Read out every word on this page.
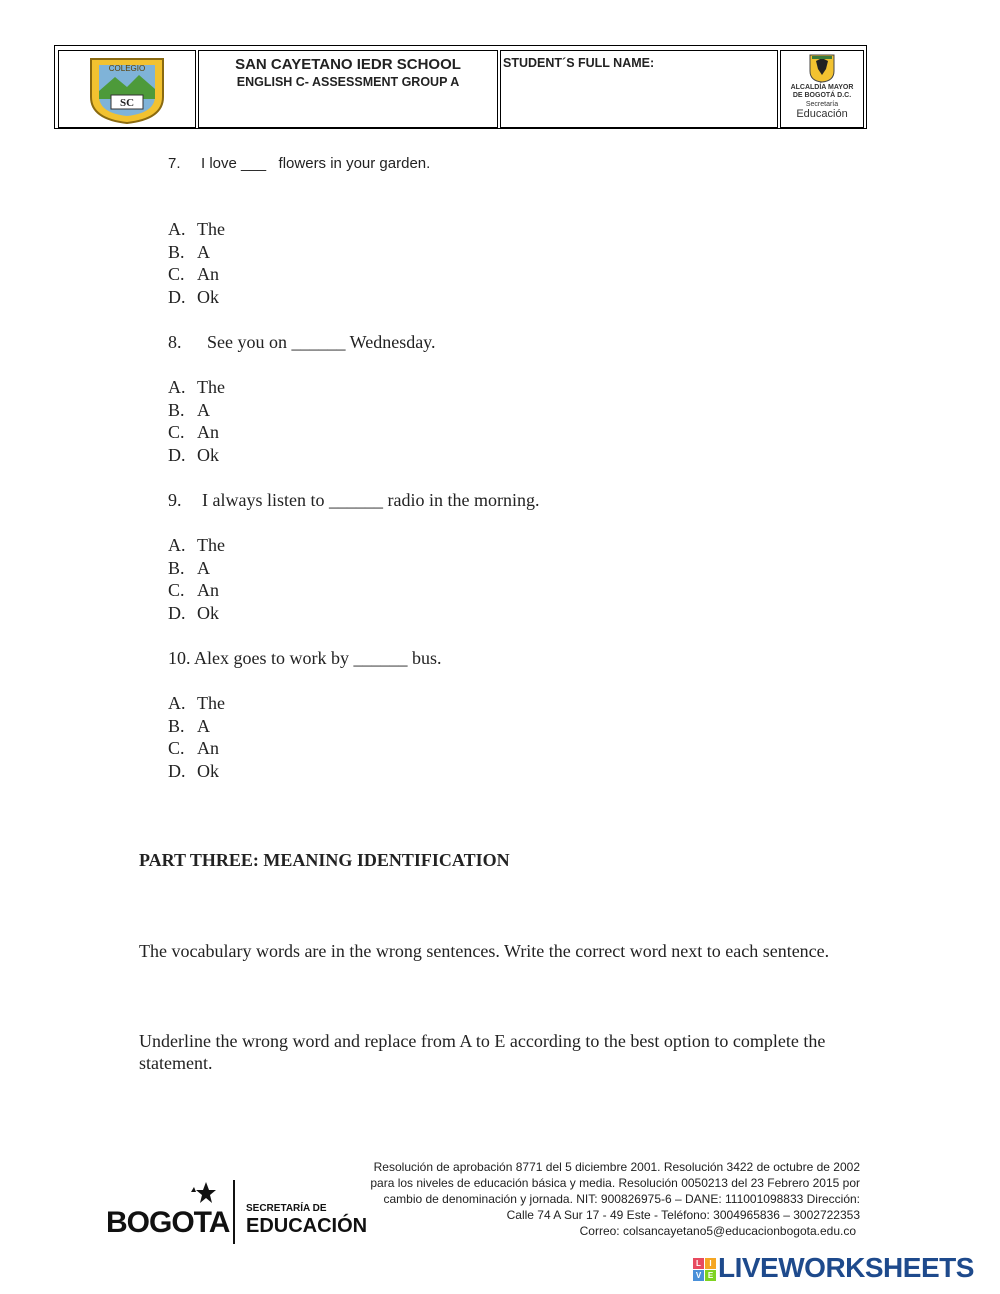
SC
COLEGIO	SAN CAYETANO IEDR SCHOOL
ENGLISH C- ASSESSMENT GROUP A
STUDENT´S FULL NAME:
ALCALDÍA MAYOR
DE BOGOTÁ D.C.
Secretaría
Educación
7. I love ___   flowers in your garden.
A. The
B. A
C. An
D. Ok
8. See you on ______ Wednesday.
A. The
B. A
C. An
D. Ok
9. I always listen to ______ radio in the morning.
A. The
B. A
C. An
D. Ok
10. Alex goes to work by ______ bus.
A. The
B. A
C. An
D. Ok
PART THREE: MEANING IDENTIFICATION
The vocabulary words are in the wrong sentences. Write the correct word next to each sentence.
Underline the wrong word and replace from A to E according to the best option to complete the statement.
Resolución de aprobación 8771 del 5 diciembre 2001. Resolución 3422 de octubre de 2002
para los niveles de educación básica y media. Resolución 0050213 del 23 Febrero 2015 por
cambio de denominación y jornada. NIT: 900826975-6 – DANE: 111001098833 Dirección:
Calle 74 A Sur 17 - 49 Este - Teléfono: 3004965836 – 3002722353
Correo: colsancayetano5@educacionbogota.edu.co
BOGOTA SECRETARÍA DE
EDUCACIÓN
L	I
V E LIVEWORKSHEETS
